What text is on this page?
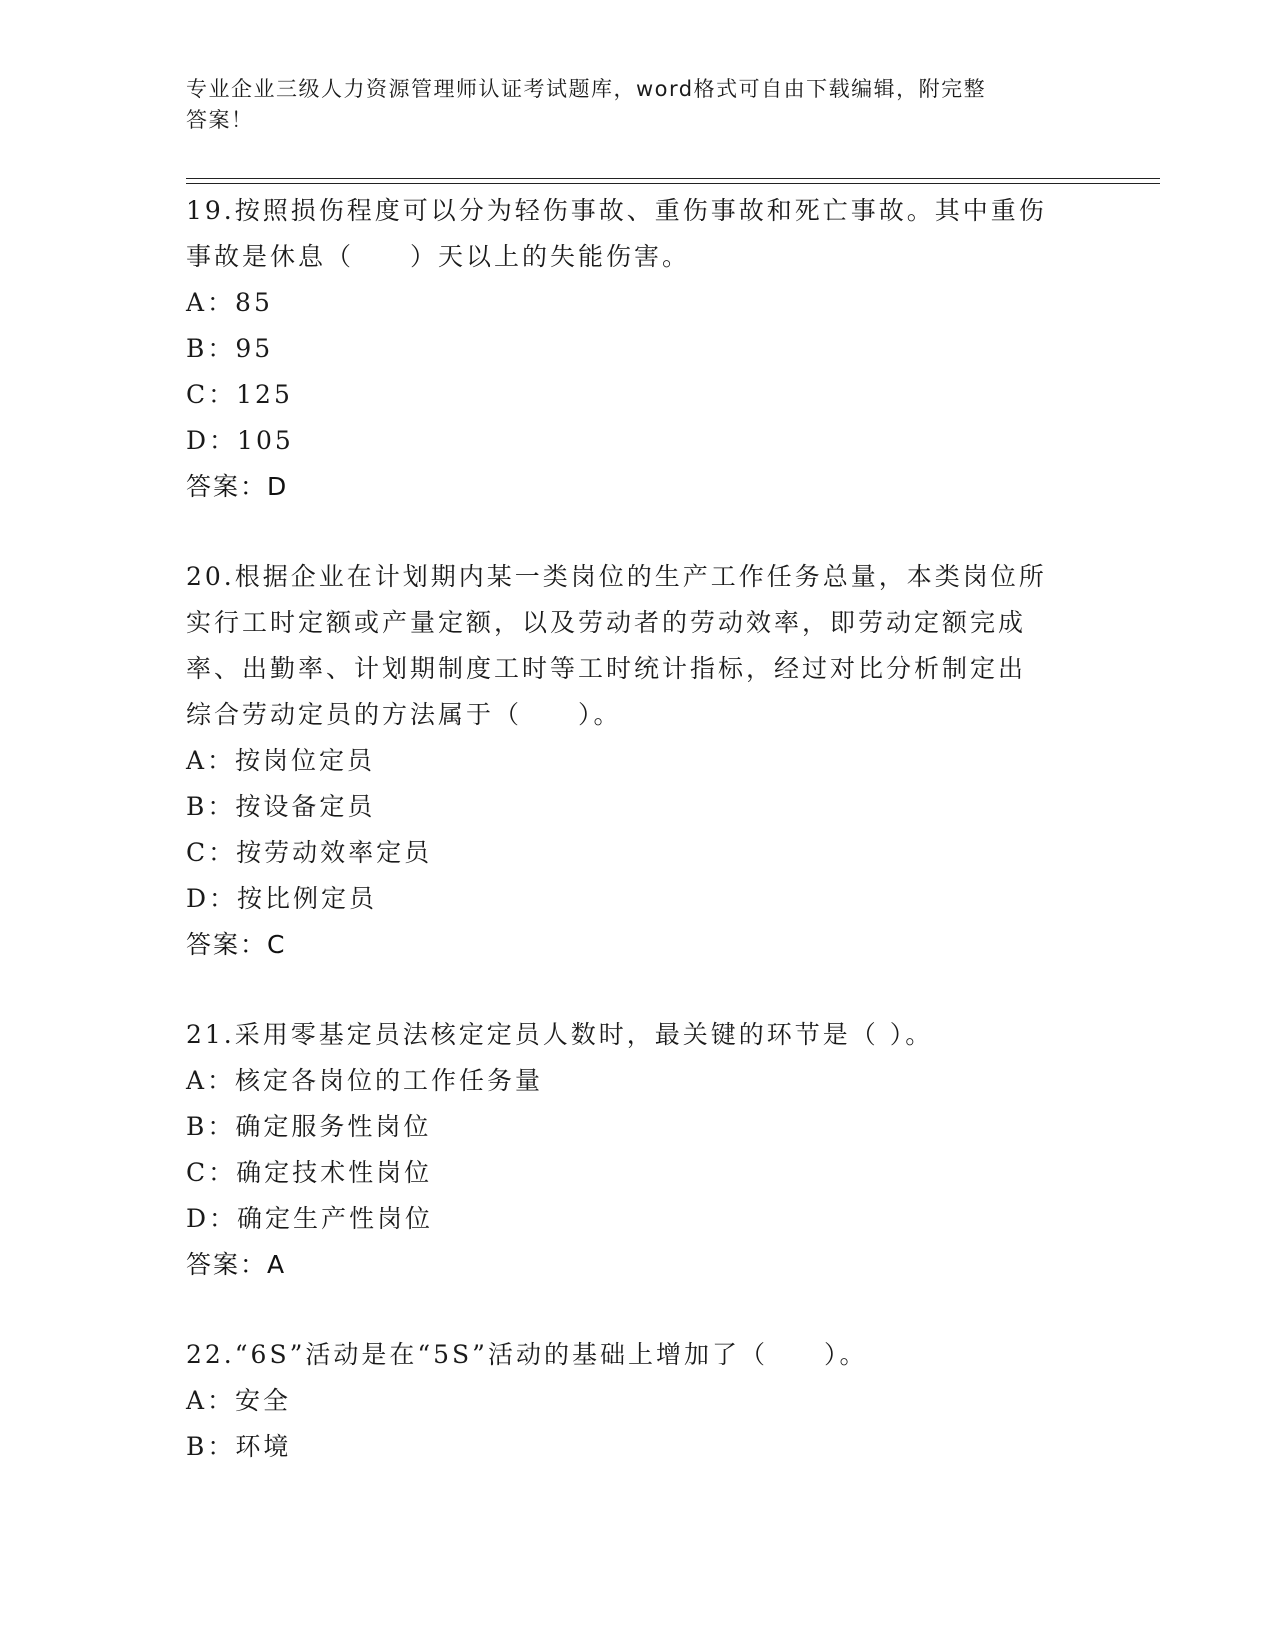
专业企业三级人力资源管理师认证考试题库，word格式可自由下载编辑，附完整
答案！

19.按照损伤程度可以分为轻伤事故、重伤事故和死亡事故。其中重伤

事故是休息（　　）天以上的失能伤害。

A：85

B：95

C：125

D：105

答案：D

20.根据企业在计划期内某一类岗位的生产工作任务总量，本类岗位所

实行工时定额或产量定额，以及劳动者的劳动效率，即劳动定额完成

率、出勤率、计划期制度工时等工时统计指标，经过对比分析制定出

综合劳动定员的方法属于（　　）。

A：按岗位定员

B：按设备定员

C：按劳动效率定员

D：按比例定员

答案：C

21.采用零基定员法核定定员人数时，最关键的环节是（ ）。

A：核定各岗位的工作任务量

B：确定服务性岗位

C：确定技术性岗位

D：确定生产性岗位

答案：A

22.“6S”活动是在“5S”活动的基础上增加了（　　）。

A：安全

B：环境
